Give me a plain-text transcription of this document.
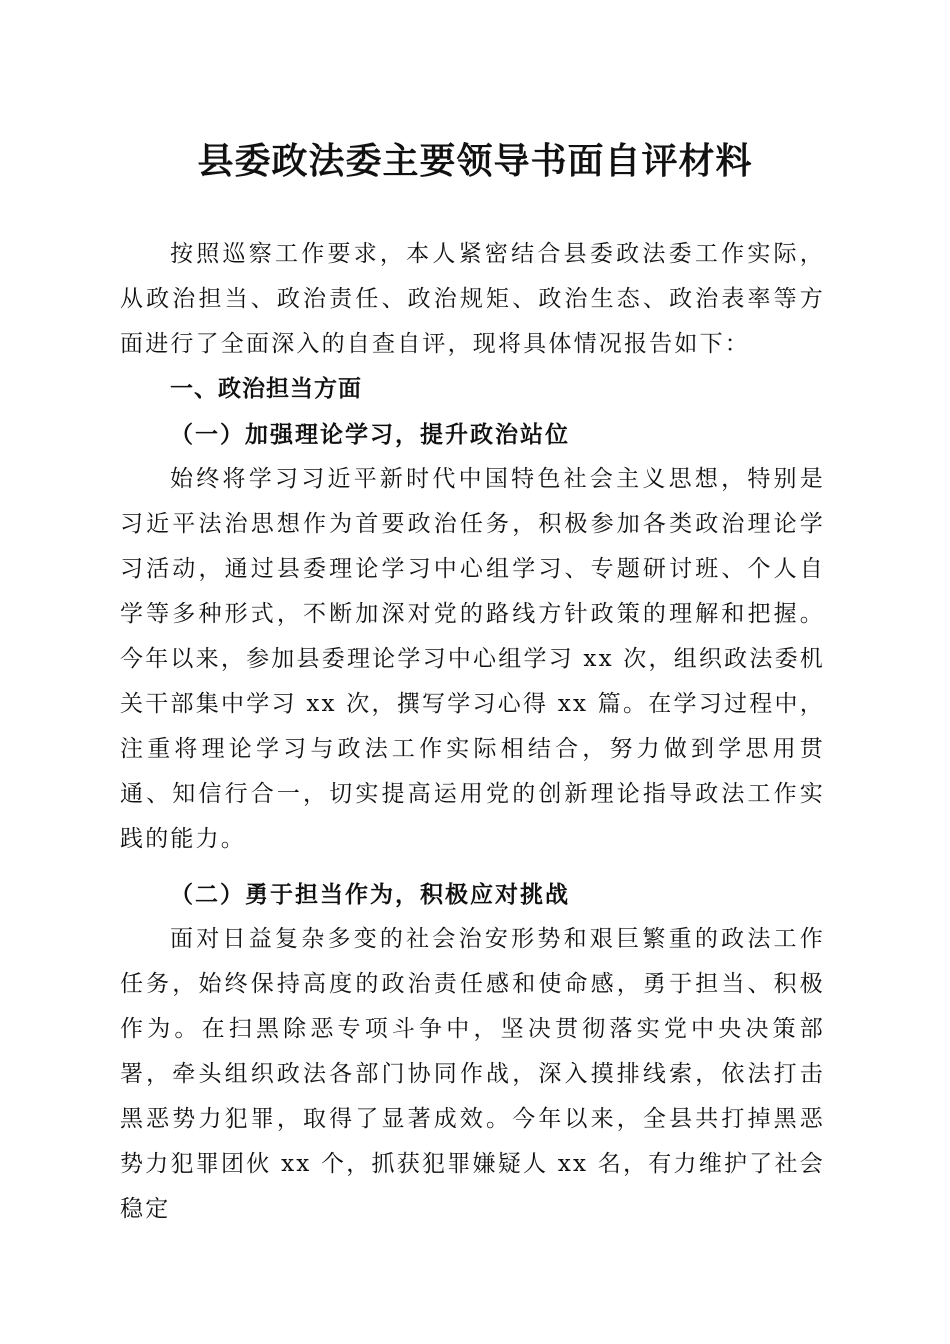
县委政法委主要领导书面自评材料

按照巡察工作要求，本人紧密结合县委政法委工作实际，从政治担当、政治责任、政治规矩、政治生态、政治表率等方面进行了全面深入的自查自评，现将具体情况报告如下：

一、政治担当方面

（一）加强理论学习，提升政治站位

始终将学习习近平新时代中国特色社会主义思想，特别是习近平法治思想作为首要政治任务，积极参加各类政治理论学习活动，通过县委理论学习中心组学习、专题研讨班、个人自学等多种形式，不断加深对党的路线方针政策的理解和把握。今年以来，参加县委理论学习中心组学习 xx 次，组织政法委机关干部集中学习 xx 次，撰写学习心得 xx 篇。在学习过程中，注重将理论学习与政法工作实际相结合，努力做到学思用贯通、知信行合一，切实提高运用党的创新理论指导政法工作实践的能力。

（二）勇于担当作为，积极应对挑战

面对日益复杂多变的社会治安形势和艰巨繁重的政法工作任务，始终保持高度的政治责任感和使命感，勇于担当、积极作为。在扫黑除恶专项斗争中，坚决贯彻落实党中央决策部署，牵头组织政法各部门协同作战，深入摸排线索，依法打击黑恶势力犯罪，取得了显著成效。今年以来，全县共打掉黑恶势力犯罪团伙 xx 个，抓获犯罪嫌疑人 xx 名，有力维护了社会稳定
